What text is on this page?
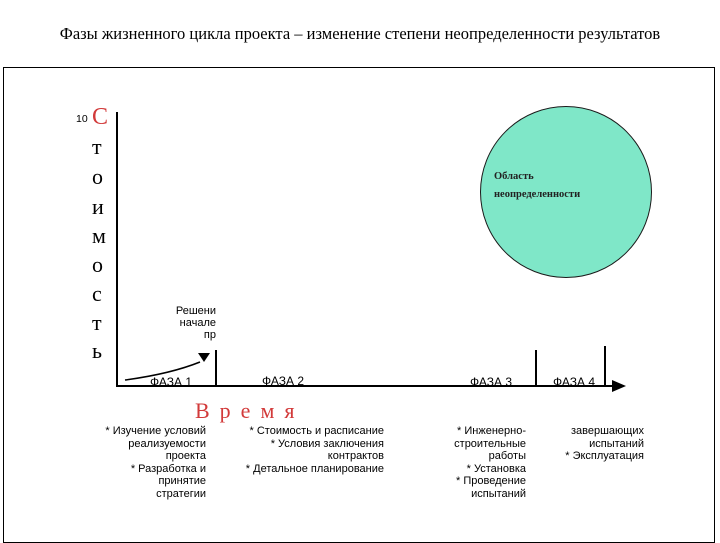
Фазы жизненного цикла проекта – изменение степени неопределенности результатов
10 С
т
о
и
м
о
с
т
ь
Область
неопределенности
Решени
начале пр
ФАЗА 1	ФАЗА 2	ФАЗА 3	ФАЗА 4
Время
* Изучение условий
реализуемости
проекта
* Разработка и
принятие
стратегии
* Стоимость и расписание
* Условия заключения
контрактов
* Детальное планирование
* Инженерно-
строительные
работы
* Установка
* Проведение
испытаний
завершающих
испытаний
* Эксплуатация
